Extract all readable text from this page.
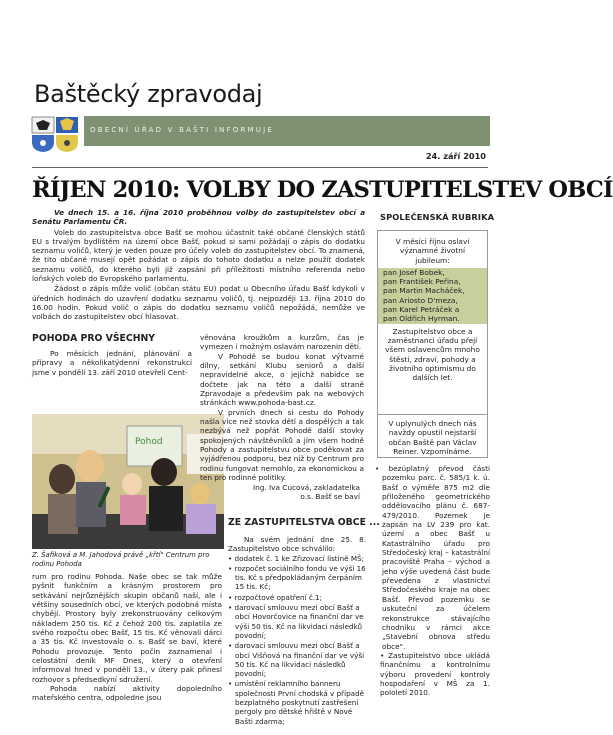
Baštěcký zpravodaj
OBECNÍ ÚŘAD V BAŠTI INFORMUJE
24. září 2010
ŘÍJEN 2010: VOLBY DO ZASTUPITELSTEV OBCÍ

Ve dnech 15. a 16. října 2010 proběhnou volby do zastupitelstev obcí a Senátu Parlamentu ČR.

Voleb do zastupitelstva obce Bašť se mohou účastnit také občané členských států EU s trvalým bydlištěm na území obce Bašť, pokud si sami požádají o zápis do dodatku seznamu voličů, který je veden pouze pro účely voleb do zastupitelstev obcí. To znamená, že tito občané musejí opět požádat o zápis do tohoto dodatku a nelze použít dodatek seznamu voličů, do kterého byli již zapsáni při příležitosti místního referenda nebo loňských voleb do Evropského parlamentu.

Žádost o zápis může volič (občan státu EU) podat u Obecního úřadu Bašť kdykoli v úředních hodinách do uzavření dodatku seznamu voličů, tj. nejpozději 13. října 2010 do 16.00 hodin. Pokud volič o zápis do dodatku seznamu voličů nepožádá, nemůže ve volbách do zastupitelstev obcí hlasovat.

POHODA PRO VŠECHNY

Po měsících jednání, plánování a přípravy a několikatýdenní rekonstrukci jsme v pondělí 13. září 2010 otevřeli Cent-

Pohod
Z. Šafiková a M. Jahodová právě „křtí" Centrum pro rodinu Pohoda

rum pro rodinu Pohoda. Naše obec se tak může pyšnit funkčním a krásným prostorem pro setkávání nejrůznějších skupin občanů naší, ale i většiny sousedních obcí, ve kterých podobná místa chybějí. Prostory byly zrekonstruovány celkovým nákladem 250 tis. Kč z čehož 200 tis. zaplatila ze svého rozpočtu obec Bašť, 15 tis. Kč věnovali dárci a 35 tis. Kč investovalo o. s. Bašť se baví, které Pohodu provozuje. Tento počin zaznamenal i celostátní deník MF Dnes, který o otevření informoval hned v pondělí 13., v útery pak přinesl rozhovor s předsedkyní sdružení.

Pohoda nabízí aktivity dopoledního mateřského centra, odpoledne jsou

věnována kroužkům a kurzům, čas je vymezen i možným oslavám narozenin dětí.

V Pohodě se budou konat výtvarné dílny, setkání Klubu seniorů a další nepravidelné akce, o jejichž nabídce se dočtete jak na této a další straně Zpravodaje a především pak na webových stránkách www.pohoda-bast.cz.

V prvních dnech si cestu do Pohody našla více než stovka dětí a dospělých a tak nezbývá než popřát Pohodě další stovky spokojených návštěvníků a jím všem hodně Pohody a zastupitelstvu obce poděkovat za vyjádřenou podporu, bez níž by Centrum pro rodinu fungovat nemohlo, za ekonomickou a ten pro rodinné politiky.

Ing. Iva Cucová, zakladatelka
o.s. Bašť se baví
ZE ZASTUPITELSTVA OBCE ...
Na svém jednání dne 25. 8. Zastupitelstvo obce schválilo:
• dodatek č. 1 ke Zřizovací listině MŠ;
• rozpočet sociálního fondu ve výši 16 tis. Kč s předpokládaným čerpáním 15 tis. Kč;
• rozpočtové opatření č.1;
• darovací smlouvu mezi obcí Bašť a obcí Hovorčovice na finanční dar ve výši 50 tis. Kč na likvidaci následků povodní;
• darovací smlouvu mezi obcí Bašť a obcí Višňová na finanční dar ve výši 50 tis. Kč na likvidaci následků povodní;
• umístění reklamního banneru společnosti První chodská v případě bezplatného poskytnutí zastřešení pergoly pro dětské hřiště v Nové Bašti zdarma;
SPOLEČENSKÁ RUBRIKA
V měsíci říjnu oslaví významné životní jubileum:
pan Josef Bobek,
pan František Peřina,
pan Martin Macháček,
pan Ariosto D'meza,
pan Karel Petráček a
pan Oldřich Hyrman.
Zastupitelstvo obce a zaměstnanci úřadu přejí všem oslavencům mnoho štěstí, zdraví, pohody a životního optimismu do dalších let.
V uplynulých dnech nás navždy opustil nejstarší občan Baště pan Václav Reiner. Vzpomínáme.
• bezúplatný převod části pozemku parc. č. 585/1 k. ú. Bašť o výměře 875 m2 dle přiloženého geometrického oddělovacího plánu č. 687-479/2010. Pozemek je zapsán na LV 239 pro kat. území a obec Bašť u Katastrálního úřadu pro Středočeský kraj – katastrální pracoviště Praha – východ a jeho výše uvedená část bude převedena z vlastnictví Středočeského kraje na obec Bašť. Převod pozemku se uskuteční za účelem rekonstrukce stávajícího chodníku v rámci akce „Stavební obnova středu obce".
• Zastupitelstvo obce ukládá finančnímu a kontrolnímu výboru provedení kontroly hospodaření v MŠ za 1. pololetí 2010.
